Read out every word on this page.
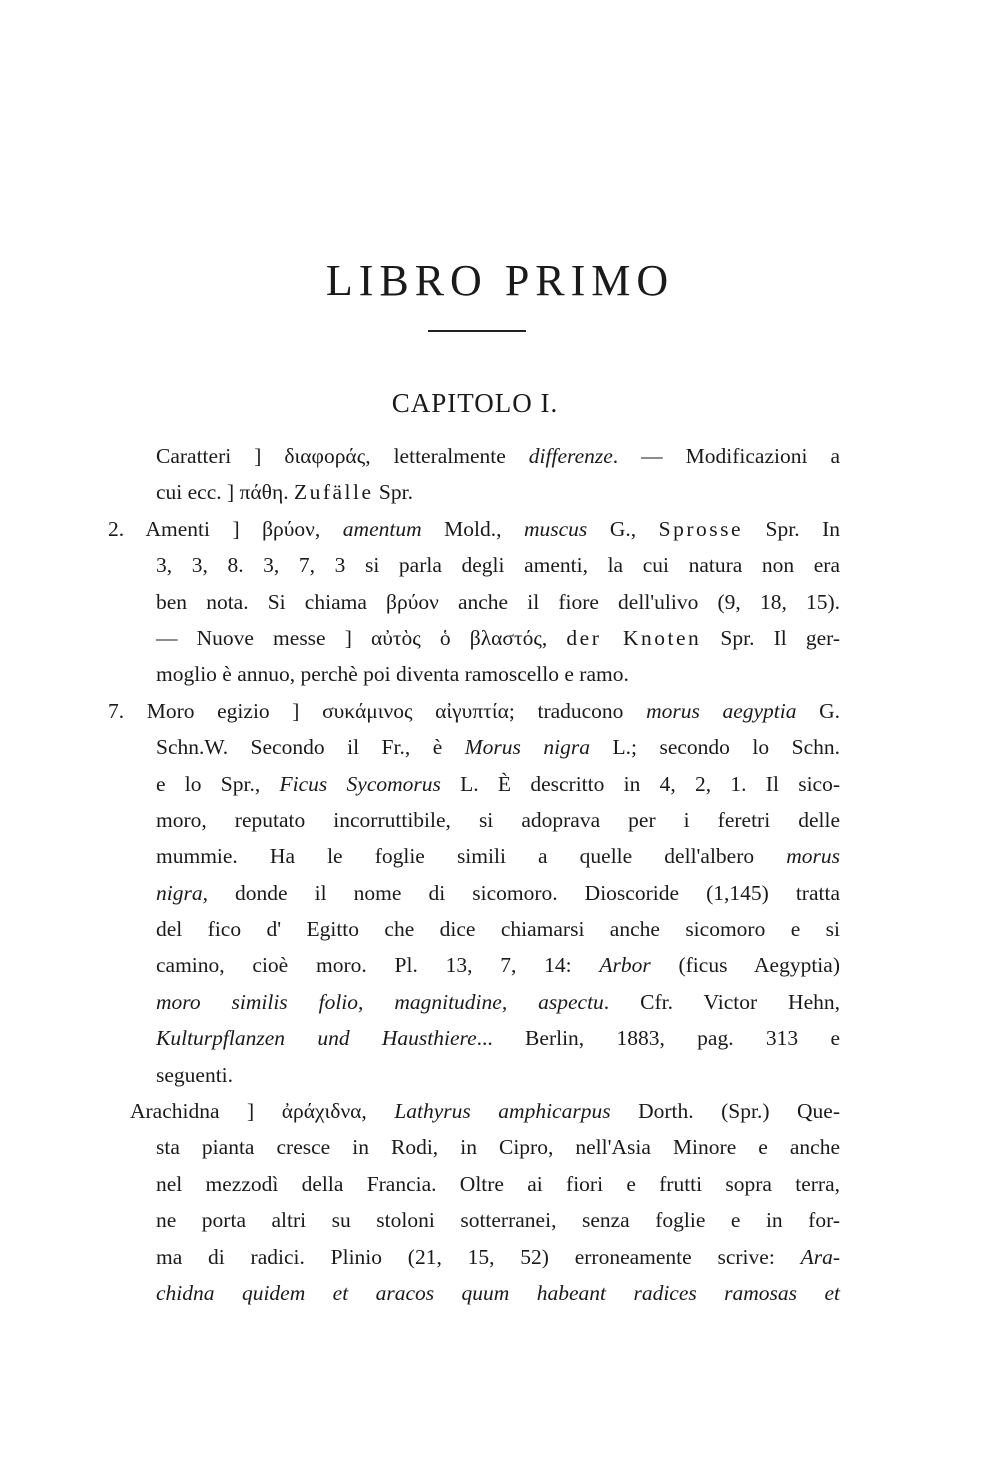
LIBRO PRIMO
CAPITOLO I.
Caratteri ] διαφοράς, letteralmente differenze. — Modificazioni a
cui ecc. ] πάθη. Zufälle Spr.
2. Amenti ] βρύον, amentum Mold., muscus G., Sprosse Spr. In
3, 3, 8. 3, 7, 3 si parla degli amenti, la cui natura non era
ben nota. Si chiama βρύον anche il fiore dell'ulivo (9, 18, 15).
— Nuove messe ] αὐτὸς ὁ βλαστός, der Knoten Spr. Il ger-
moglio è annuo, perchè poi diventa ramoscello e ramo.
7. Moro egizio ] συκάμινος αἰγυπτία; traducono morus aegyptia G.
Schn.W. Secondo il Fr., è Morus nigra L.; secondo lo Schn.
e lo Spr., Ficus Sycomorus L. È descritto in 4, 2, 1. Il sico-
moro, reputato incorruttibile, si adoprava per i feretri delle
mummie. Ha le foglie simili a quelle dell'albero morus
nigra, donde il nome di sicomoro. Dioscoride (1,145) tratta
del fico d' Egitto che dice chiamarsi anche sicomoro e si
camino, cioè moro. Pl. 13, 7, 14: Arbor (ficus Aegyptia)
moro similis folio, magnitudine, aspectu. Cfr. Victor Hehn,
Kulturpflanzen und Hausthiere... Berlin, 1883, pag. 313 e
seguenti.
Arachidna ] ἀράχιδνα, Lathyrus amphicarpus Dorth. (Spr.) Que-
sta pianta cresce in Rodi, in Cipro, nell'Asia Minore e anche
nel mezzodì della Francia. Oltre ai fiori e frutti sopra terra,
ne porta altri su stoloni sotterranei, senza foglie e in for-
ma di radici. Plinio (21, 15, 52) erroneamente scrive: Ara-
chidna quidem et aracos quum habeant radices ramosas et
